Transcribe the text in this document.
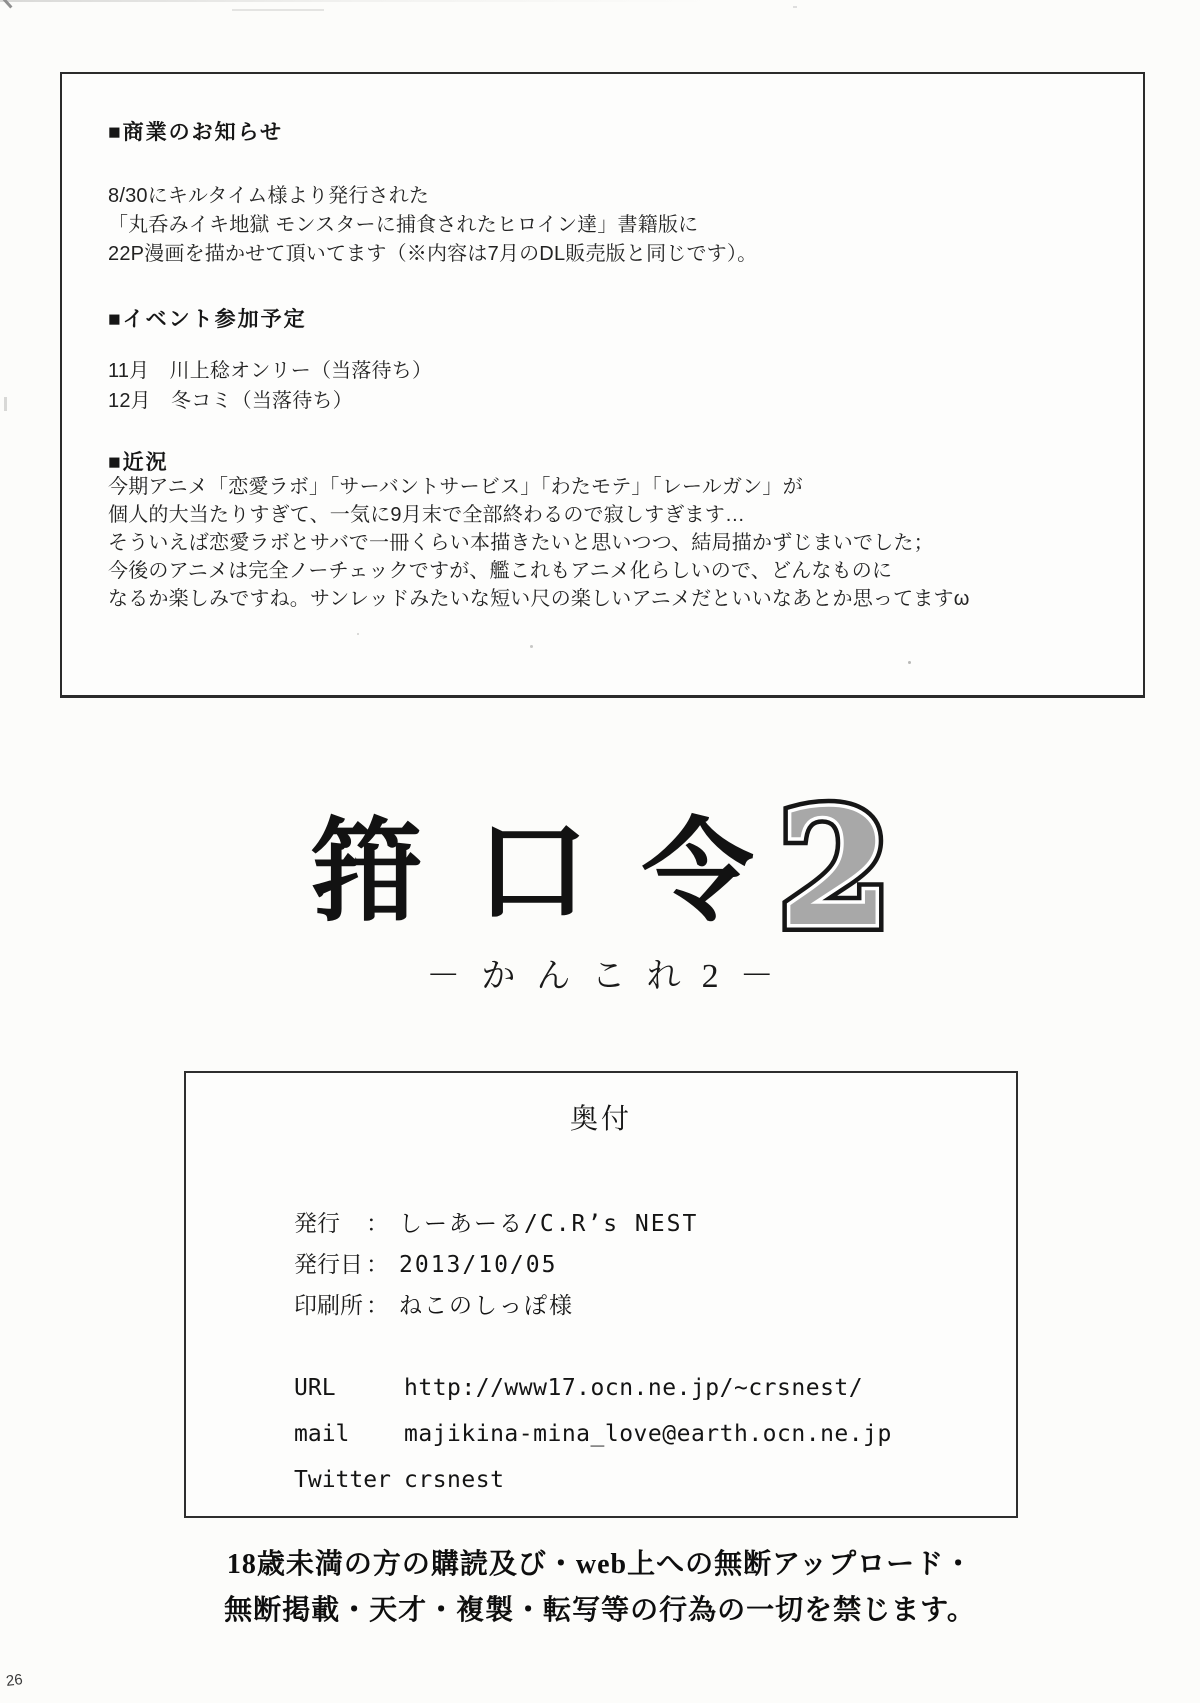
■商業のお知らせ

8/30にキルタイム様より発行された

「丸呑みイキ地獄 モンスターに捕食されたヒロイン達」書籍版に

22P漫画を描かせて頂いてます（※内容は7月のDL販売版と同じです）。

■イベント参加予定

11月　川上稔オンリー（当落待ち）

12月　冬コミ（当落待ち）

■近況

今期アニメ「恋愛ラボ」「サーバントサービス」「わたモテ」「レールガン」が

個人的大当たりすぎて、一気に9月末で全部終わるので寂しすぎます…

そういえば恋愛ラボとサバで一冊くらい本描きたいと思いつつ、結局描かずじまいでした；

今後のアニメは完全ノーチェックですが、艦これもアニメ化らしいので、どんなものに

なるか楽しみですね。サンレッドみたいな短い尺の楽しいアニメだといいなあとか思ってますω

箝口令
2 2 2
－かんこれ2－
奥付
発行	： しーあーる/C.R’s NEST
発行日 ： 2013/10/05
印刷所 ： ねこのしっぽ様
URL	http://www17.ocn.ne.jp/~crsnest/
mail	majikina-mina_love@earth.ocn.ne.jp
Twitter crsnest
18歳未満の方の購読及び・web上への無断アップロード・
無断掲載・天才・複製・転写等の行為の一切を禁じます。
26
